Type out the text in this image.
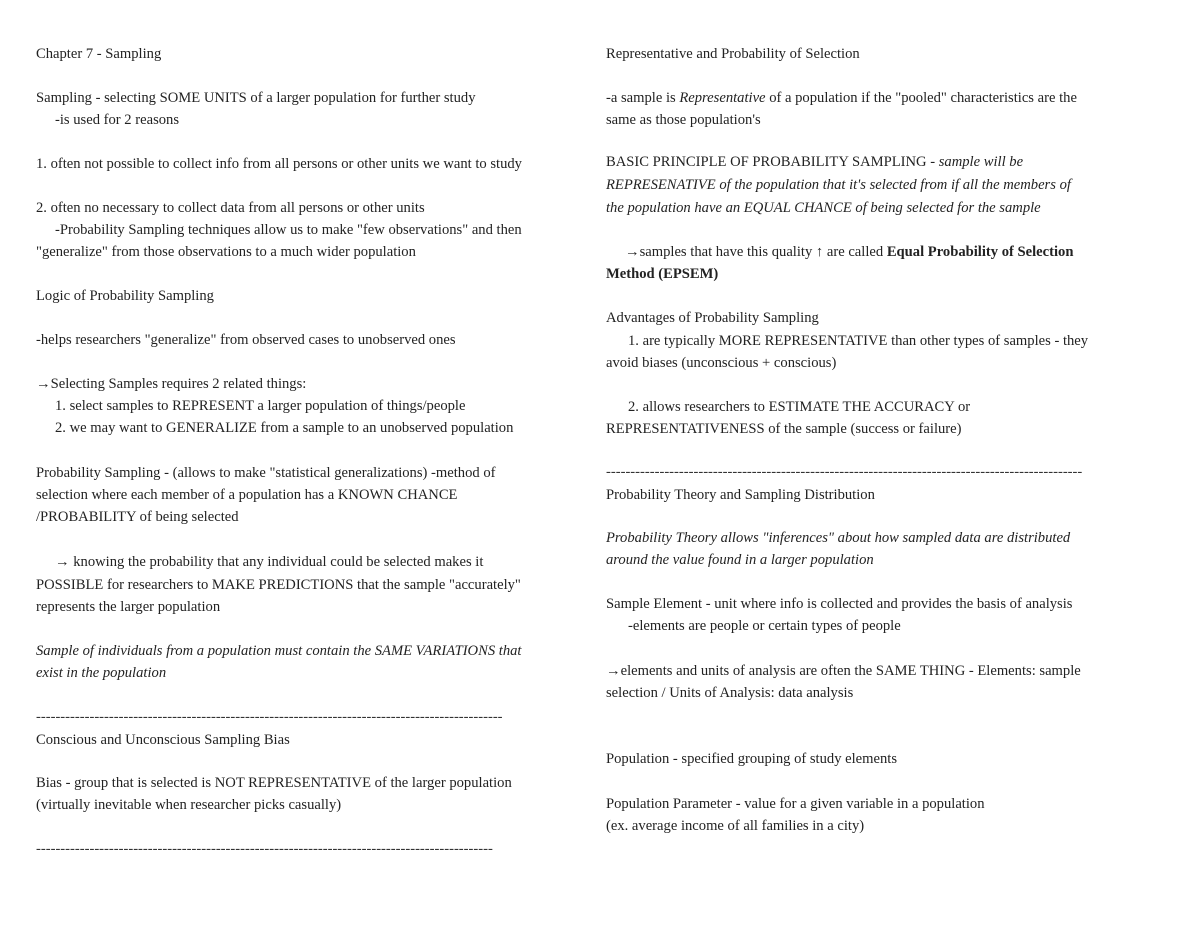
Chapter 7 - Sampling
Sampling - selecting SOME UNITS of a larger population for further study
-is used for 2 reasons
1. often not possible to collect info from all persons or other units we want to study
2. often no necessary to collect data from all persons or other units
-Probability Sampling techniques allow us to make "few observations" and then
"generalize" from those observations to a much wider population
Logic of Probability Sampling
-helps researchers "generalize" from observed cases to unobserved ones
→Selecting Samples requires 2 related things:
1. select samples to REPRESENT a larger population of things/people
2. we may want to GENERALIZE from a sample to an unobserved population
Probability Sampling - (allows to make "statistical generalizations) -method of
selection where each member of a population has a KNOWN CHANCE
/PROBABILITY of being selected
→ knowing the probability that any individual could be selected makes it
POSSIBLE for researchers to MAKE PREDICTIONS that the sample "accurately"
represents the larger population
Sample of individuals from a population must contain the SAME VARIATIONS that
exist in the population
------------------------------------------------------------------------------------------------
Conscious and Unconscious Sampling Bias
Bias - group that is selected is NOT REPRESENTATIVE of the larger population
(virtually inevitable when researcher picks casually)
----------------------------------------------------------------------------------------------
Representative and Probability of Selection
-a sample is Representative of a population if the "pooled" characteristics are the
same as those population's
BASIC PRINCIPLE OF PROBABILITY SAMPLING - sample will be
REPRESENATIVE of the population that it's selected from if all the members of
the population have an EQUAL CHANCE of being selected for the sample
→samples that have this quality ↑ are called Equal Probability of Selection
Method (EPSEM)
Advantages of Probability Sampling
1. are typically MORE REPRESENTATIVE than other types of samples - they
avoid biases (unconscious + conscious)
2. allows researchers to ESTIMATE THE ACCURACY or
REPRESENTATIVENESS of the sample (success or failure)
--------------------------------------------------------------------------------------------------
Probability Theory and Sampling Distribution
Probability Theory allows "inferences" about how sampled data are distributed
around the value found in a larger population
Sample Element - unit where info is collected and provides the basis of analysis
-elements are people or certain types of people
→elements and units of analysis are often the SAME THING - Elements: sample
selection / Units of Analysis: data analysis
Population - specified grouping of study elements
Population Parameter - value for a given variable in a population
(ex. average income of all families in a city)
